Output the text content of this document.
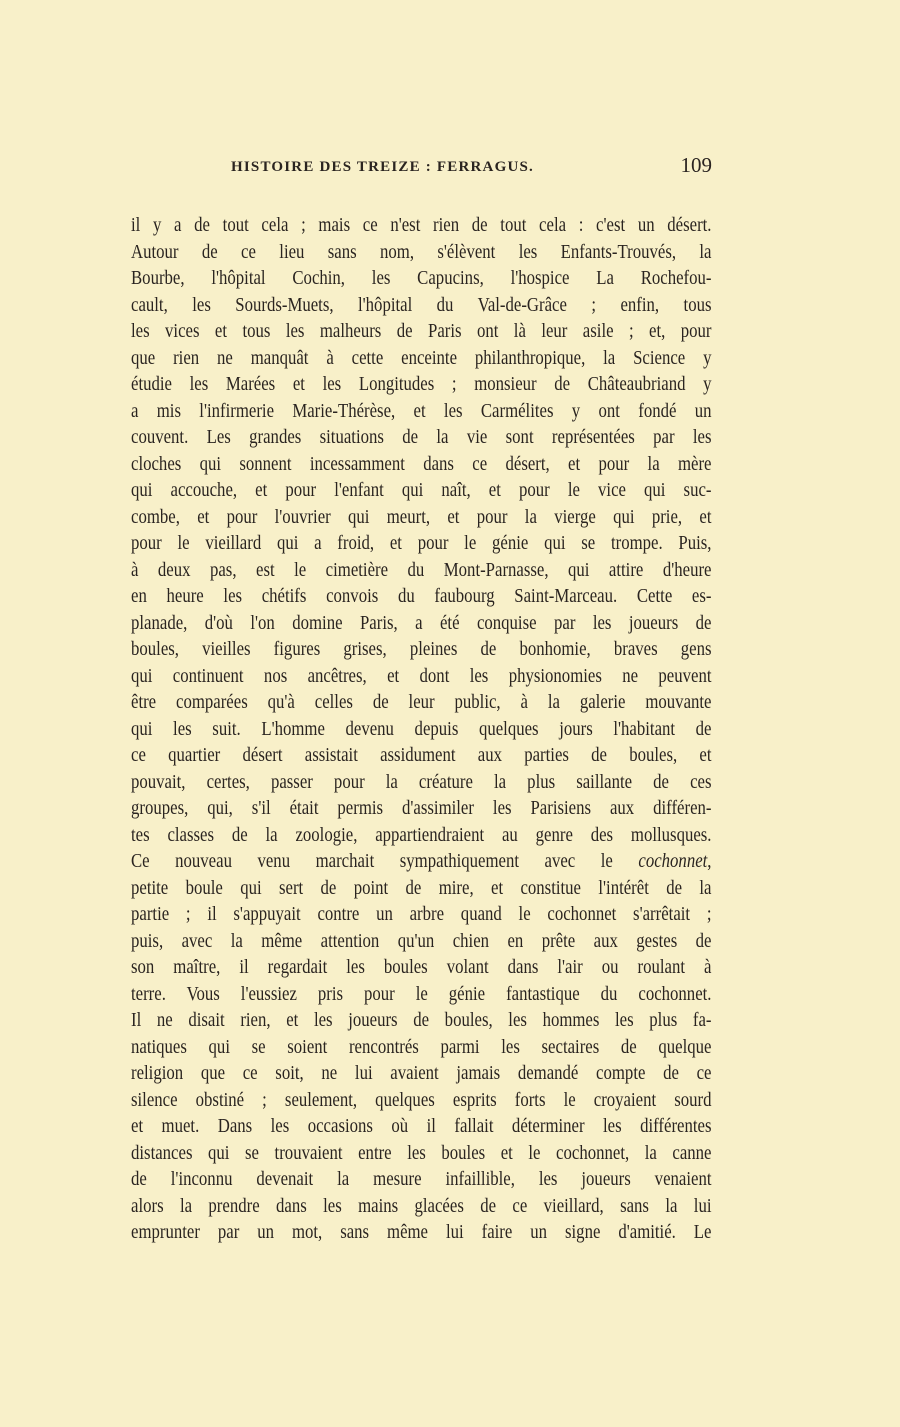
HISTOIRE DES TREIZE : FERRAGUS.	109
il y a de tout cela ; mais ce n'est rien de tout cela : c'est un désert.
Autour de ce lieu sans nom, s'élèvent les Enfants-Trouvés, la
Bourbe, l'hôpital Cochin, les Capucins, l'hospice La Rochefou-
cault, les Sourds-Muets, l'hôpital du Val-de-Grâce ; enfin, tous
les vices et tous les malheurs de Paris ont là leur asile ; et, pour
que rien ne manquât à cette enceinte philanthropique, la Science y
étudie les Marées et les Longitudes ; monsieur de Châteaubriand y
a mis l'infirmerie Marie-Thérèse, et les Carmélites y ont fondé un
couvent. Les grandes situations de la vie sont représentées par les
cloches qui sonnent incessamment dans ce désert, et pour la mère
qui accouche, et pour l'enfant qui naît, et pour le vice qui suc-
combe, et pour l'ouvrier qui meurt, et pour la vierge qui prie, et
pour le vieillard qui a froid, et pour le génie qui se trompe. Puis,
à deux pas, est le cimetière du Mont-Parnasse, qui attire d'heure
en heure les chétifs convois du faubourg Saint-Marceau. Cette es-
planade, d'où l'on domine Paris, a été conquise par les joueurs de
boules, vieilles figures grises, pleines de bonhomie, braves gens
qui continuent nos ancêtres, et dont les physionomies ne peuvent
être comparées qu'à celles de leur public, à la galerie mouvante
qui les suit. L'homme devenu depuis quelques jours l'habitant de
ce quartier désert assistait assidument aux parties de boules, et
pouvait, certes, passer pour la créature la plus saillante de ces
groupes, qui, s'il était permis d'assimiler les Parisiens aux différen-
tes classes de la zoologie, appartiendraient au genre des mollusques.
Ce nouveau venu marchait sympathiquement avec le cochonnet,
petite boule qui sert de point de mire, et constitue l'intérêt de la
partie ; il s'appuyait contre un arbre quand le cochonnet s'arrêtait ;
puis, avec la même attention qu'un chien en prête aux gestes de
son maître, il regardait les boules volant dans l'air ou roulant à
terre. Vous l'eussiez pris pour le génie fantastique du cochonnet.
Il ne disait rien, et les joueurs de boules, les hommes les plus fa-
natiques qui se soient rencontrés parmi les sectaires de quelque
religion que ce soit, ne lui avaient jamais demandé compte de ce
silence obstiné ; seulement, quelques esprits forts le croyaient sourd
et muet. Dans les occasions où il fallait déterminer les différentes
distances qui se trouvaient entre les boules et le cochonnet, la canne
de l'inconnu devenait la mesure infaillible, les joueurs venaient
alors la prendre dans les mains glacées de ce vieillard, sans la lui
emprunter par un mot, sans même lui faire un signe d'amitié. Le
